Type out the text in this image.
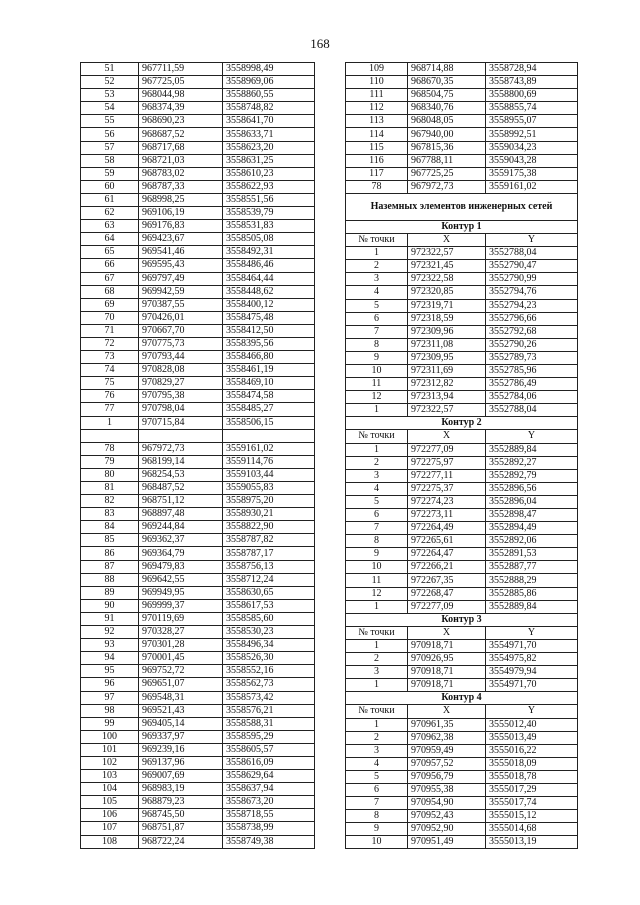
168
51	967711,59	3558998,49
52	967725,05	3558969,06
53	968044,98	3558860,55
54	968374,39	3558748,82
55	968690,23	3558641,70
56	968687,52	3558633,71
57	968717,68	3558623,20
58	968721,03	3558631,25
59	968783,02	3558610,23
60	968787,33	3558622,93
61	968998,25	3558551,56
62	969106,19	3558539,79
63	969176,83	3558531,83
64	969423,67	3558505,08
65	969541,46	3558492,31
66	969595,43	3558486,46
67	969797,49	3558464,44
68	969942,59	3558448,62
69	970387,55	3558400,12
70	970426,01	3558475,48
71	970667,70	3558412,50
72	970775,73	3558395,56
73	970793,44	3558466,80
74	970828,08	3558461,19
75	970829,27	3558469,10
76	970795,38	3558474,58
77	970798,04	3558485,27
1	970715,84	3558506,15

78	967972,73	3559161,02
79	968199,14	3559114,76
80	968254,53	3559103,44
81	968487,52	3559055,83
82	968751,12	3558975,20
83	968897,48	3558930,21
84	969244,84	3558822,90
85	969362,37	3558787,82
86	969364,79	3558787,17
87	969479,83	3558756,13
88	969642,55	3558712,24
89	969949,95	3558630,65
90	969999,37	3558617,53
91	970119,69	3558585,60
92	970328,27	3558530,23
93	970301,28	3558496,34
94	970001,45	3558526,30
95	969752,72	3558552,16
96	969651,07	3558562,73
97	969548,31	3558573,42
98	969521,43	3558576,21
99	969405,14	3558588,31
100	969337,97	3558595,29
101	969239,16	3558605,57
102	969137,96	3558616,09
103	969007,69	3558629,64
104	968983,19	3558637,94
105	968879,23	3558673,20
106	968745,50	3558718,55
107	968751,87	3558738,99
108	968722,24	3558749,38
109	968714,88	3558728,94
110	968670,35	3558743,89
111	968504,75	3558800,69
112	968340,76	3558855,74
113	968048,05	3558955,07
114	967940,00	3558992,51
115	967815,36	3559034,23
116	967788,11	3559043,28
117	967725,25	3559175,38
78	967972,73	3559161,02
Наземных элементов инженерных сетей		
Контур 1		
№ точки	X	Y
1	972322,57	3552788,04
2	972321,45	3552790,47
3	972322,58	3552790,99
4	972320,85	3552794,76
5	972319,71	3552794,23
6	972318,59	3552796,66
7	972309,96	3552792,68
8	972311,08	3552790,26
9	972309,95	3552789,73
10	972311,69	3552785,96
11	972312,82	3552786,49
12	972313,94	3552784,06
1	972322,57	3552788,04
Контур 2		
№ точки	X	Y
1	972277,09	3552889,84
2	972275,97	3552892,27
3	972277,11	3552892,79
4	972275,37	3552896,56
5	972274,23	3552896,04
6	972273,11	3552898,47
7	972264,49	3552894,49
8	972265,61	3552892,06
9	972264,47	3552891,53
10	972266,21	3552887,77
11	972267,35	3552888,29
12	972268,47	3552885,86
1	972277,09	3552889,84
Контур 3		
№ точки	X	Y
1	970918,71	3554971,70
2	970926,95	3554975,82
3	970918,71	3554979,94
1	970918,71	3554971,70
Контур 4		
№ точки	X	Y
1	970961,35	3555012,40
2	970962,38	3555013,49
3	970959,49	3555016,22
4	970957,52	3555018,09
5	970956,79	3555018,78
6	970955,38	3555017,29
7	970954,90	3555017,74
8	970952,43	3555015,12
9	970952,90	3555014,68
10	970951,49	3555013,19
